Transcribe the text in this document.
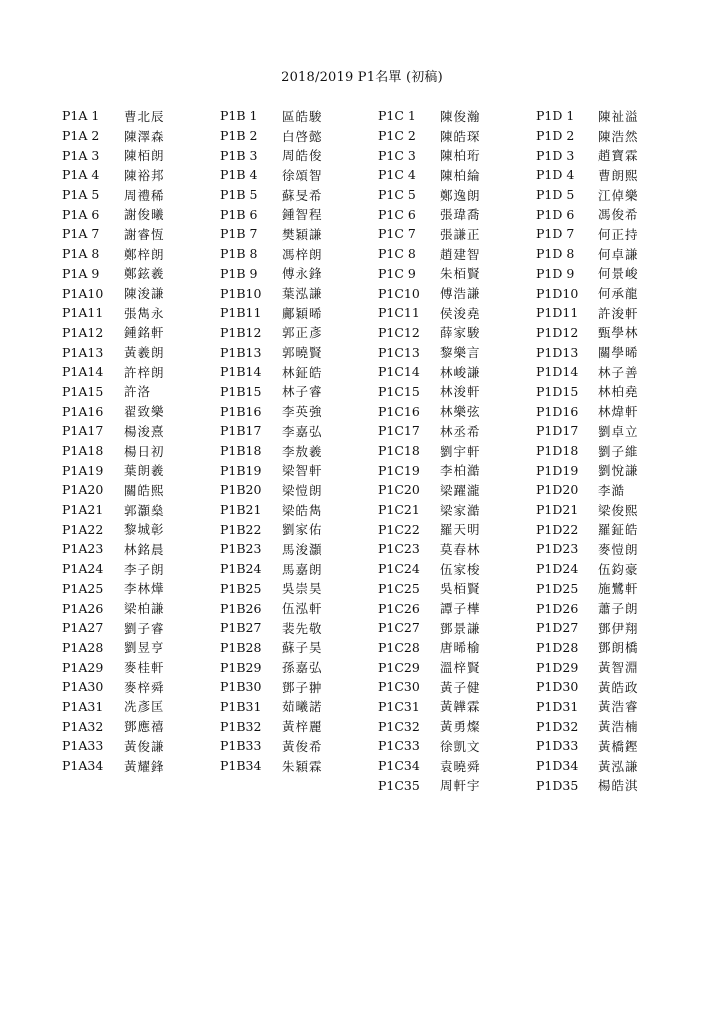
2018/2019 P1名單 (初稿)
P1A 1	曹北辰
P1A 2	陳澤森
P1A 3	陳栢朗
P1A 4	陳裕邦
P1A 5	周禮稀
P1A 6	謝俊曦
P1A 7	謝睿恆
P1A 8	鄭梓朗
P1A 9	鄭鉉羲
P1A10	陳浚謙
P1A11	張雋永
P1A12	鍾銘軒
P1A13	黃羲朗
P1A14	許梓朗
P1A15	許洛
P1A16	翟致樂
P1A17	楊浚熹
P1A18	楊日初
P1A19	葉朗羲
P1A20	關皓熙
P1A21	郭灝燊
P1A22	黎城彰
P1A23	林銘晨
P1A24	李子朗
P1A25	李林燁
P1A26	梁柏謙
P1A27	劉子睿
P1A28	劉昱亨
P1A29	麥桂軒
P1A30	麥梓舜
P1A31	冼彥匡
P1A32	鄧應禧
P1A33	黃俊謙
P1A34	黃耀鋒
P1B 1	區皓駿
P1B 2	白啓懿
P1B 3	周皓俊
P1B 4	徐頌智
P1B 5	蘇旻希
P1B 6	鍾智程
P1B 7	樊穎謙
P1B 8	馮梓朗
P1B 9	傅永鋒
P1B10	葉泓謙
P1B11	鄺穎晞
P1B12	郭正彥
P1B13	郭曉賢
P1B14	林鉦皓
P1B15	林子睿
P1B16	李英強
P1B17	李嘉弘
P1B18	李敖羲
P1B19	梁智軒
P1B20	梁愷朗
P1B21	梁皓雋
P1B22	劉家佑
P1B23	馬浚灝
P1B24	馬嘉朗
P1B25	吳崇昊
P1B26	伍泓軒
P1B27	裴先敬
P1B28	蘇子昊
P1B29	孫嘉弘
P1B30	鄧子翀
P1B31	茹曦諾
P1B32	黃梓麗
P1B33	黃俊希
P1B34	朱穎霖
P1C 1	陳俊瀚
P1C 2	陳皓琛
P1C 3	陳柏珩
P1C 4	陳柏綸
P1C 5	鄭逸朗
P1C 6	張瑋喬
P1C 7	張謙正
P1C 8	趙建智
P1C 9	朱栢賢
P1C10	傅浩謙
P1C11	侯浚堯
P1C12	薛家駿
P1C13	黎樂言
P1C14	林峻謙
P1C15	林浚軒
P1C16	林樂弦
P1C17	林丞希
P1C18	劉宇軒
P1C19	李柏澔
P1C20	梁躍瀧
P1C21	梁家澔
P1C22	羅天明
P1C23	莫春林
P1C24	伍家梭
P1C25	吳栢賢
P1C26	譚子樺
P1C27	鄧景謙
P1C28	唐晞榆
P1C29	溫梓賢
P1C30	黃子健
P1C31	黃韡霖
P1C32	黃勇燦
P1C33	徐凱文
P1C34	袁曉舜
P1C35	周軒宇
P1D 1	陳祉溢
P1D 2	陳浩然
P1D 3	趙寶霖
P1D 4	曹朗熙
P1D 5	江倬樂
P1D 6	馮俊希
P1D 7	何正持
P1D 8	何卓謙
P1D 9	何景峻
P1D10	何承龍
P1D11	許浚軒
P1D12	甄學林
P1D13	關學晞
P1D14	林子善
P1D15	林柏堯
P1D16	林煒軒
P1D17	劉卓立
P1D18	劉子維
P1D19	劉悅謙
P1D20	李澔
P1D21	梁俊熙
P1D22	羅鉦皓
P1D23	麥愷朗
P1D24	伍鈞豪
P1D25	施鷺軒
P1D26	蕭子朗
P1D27	鄧伊翔
P1D28	鄧朗橋
P1D29	黃智淵
P1D30	黃皓政
P1D31	黃浩睿
P1D32	黃浩楠
P1D33	黃橋鏗
P1D34	黃泓謙
P1D35	楊皓淇
